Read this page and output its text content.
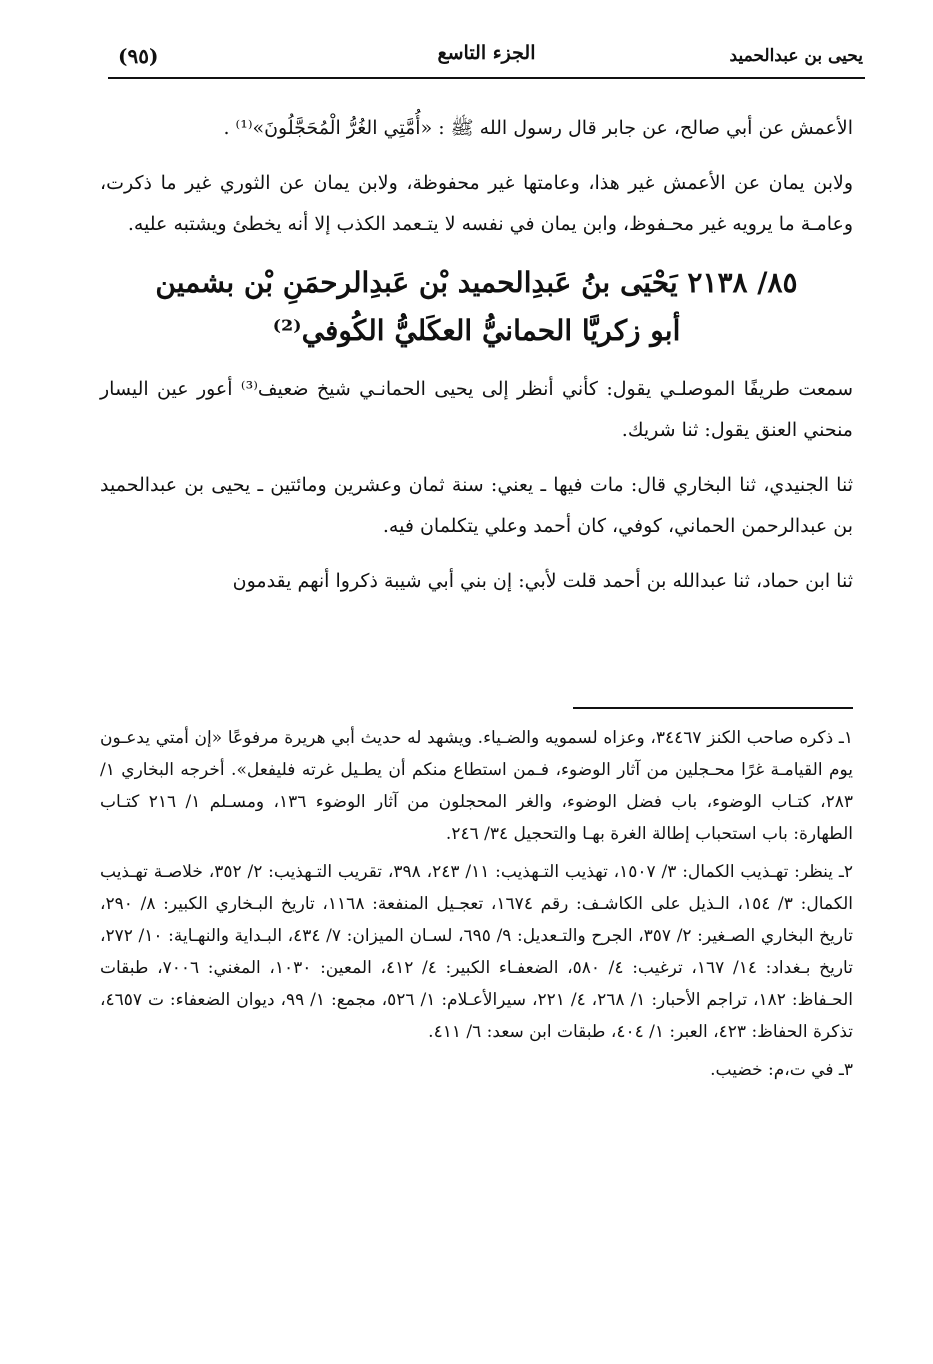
يحيى بن عبدالحميد
الجزء التاسع
(٩٥)

الأعمش عن أبي صالح، عن جابر قال رسول الله ﷺ : «أُمَّتِي الغُرُّ الْمُحَجَّلُونَ»⁽¹⁾ .

ولابن يمان عن الأعمش غير هذا، وعامتها غير محفوظة، ولابن يمان عن الثوري غير ما ذكرت، وعامـة ما يرويه غير محـفوظ، وابن يمان في نفسه لا يتـعمد الكذب إلا أنه يخطئ ويشتبه عليه.

٨٥/ ٢١٣٨ يَحْيَى بنُ عَبدِالحميد بْن عَبدِالرحمَنِ بْن بشمين
أبو زكريَّا الحمانيُّ العكَليُّ الكُوفي⁽²⁾

سمعت طريفًا الموصلـي يقول: كأني أنظر إلى يحيى الحمانـي شيخ ضعيف⁽³⁾ أعور عين اليسار منحني العنق يقول: ثنا شريك.

ثنا الجنيدي، ثنا البخاري قال: مات فيها ـ يعني: سنة ثمان وعشرين ومائتين ـ يحيى بن عبدالحميد بن عبدالرحمن الحماني، كوفي، كان أحمد وعلي يتكلمان فيه.

ثنا ابن حماد، ثنا عبدالله بن أحمد قلت لأبي: إن بني أبي شيبة ذكروا أنهم يقدمون

١ـ ذكره صاحب الكنز ٣٤٤٦٧، وعزاه لسمويه والضـياء. ويشهد له حديث أبي هريرة مرفوعًا «إن أمتي يدعـون يوم القيامـة غرًا محـجلين من آثار الوضوء، فـمن استطاع منكم أن يطـيل غرته فليفعل». أخرجه البخاري ١/ ٢٨٣، كتـاب الوضوء، باب فضل الوضوء، والغر المحجلون من آثار الوضوء ١٣٦، ومسـلم ١/ ٢١٦ كتـاب الطهارة: باب استحباب إطالة الغرة بهـا والتحجيل ٣٤/ ٢٤٦.
٢ـ ينظر: تهـذيب الكمال: ٣/ ١٥٠٧، تهذيب التـهذيب: ١١/ ٢٤٣، ٣٩٨، تقريب التـهذيب: ٢/ ٣٥٢، خلاصـة تهـذيب الكمال: ٣/ ١٥٤، الـذيل على الكاشـف: رقم ١٦٧٤، تعجـيل المنفعة: ١١٦٨، تاريخ البـخاري الكبير: ٨/ ٢٩٠، تاريخ البخاري الصـغير: ٢/ ٣٥٧، الجرح والتـعديل: ٩/ ٦٩٥، لسـان الميزان: ٧/ ٤٣٤، البـداية والنهـاية: ١٠/ ٢٧٢، تاريخ بـغداد: ١٤/ ١٦٧، ترغيب: ٤/ ٥٨٠، الضعفـاء الكبير: ٤/ ٤١٢، المعين: ١٠٣٠، المغني: ٧٠٠٦، طبقات الحـفاظ: ١٨٢، تراجم الأحبار: ١/ ٢٦٨، ٤/ ٢٢١، سيرالأعـلام: ١/ ٥٢٦، مجمع: ١/ ٩٩، ديوان الضعفاء: ت ٤٦٥٧، تذكرة الحفاظ: ٤٢٣، العبر: ١/ ٤٠٤، طبقات ابن سعد: ٦/ ٤١١.
٣ـ في ت،م: خضيب.
